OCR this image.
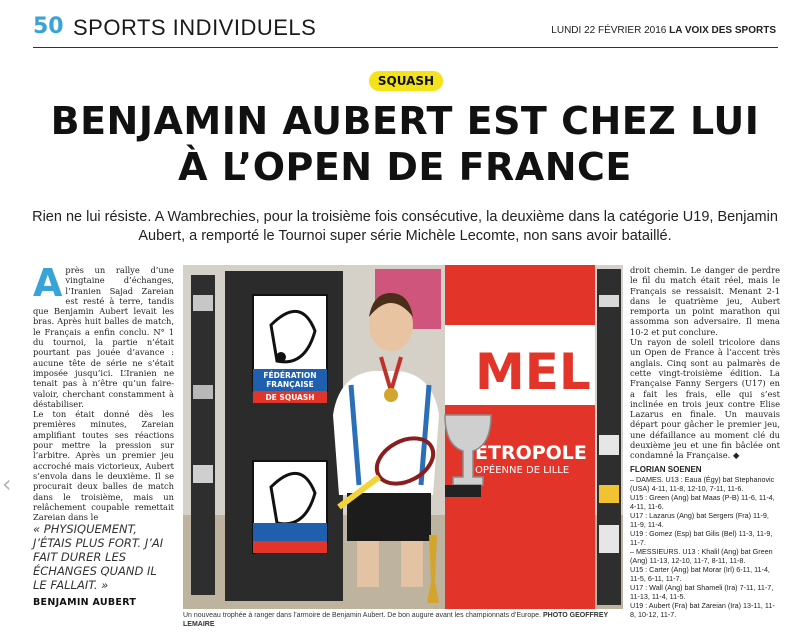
50 SPORTS INDIVIDUELS	LUNDI 22 FÉVRIER 2016 LA VOIX DES SPORTS
SQUASH
BENJAMIN AUBERT EST CHEZ LUI
À L’OPEN DE FRANCE

Rien ne lui résiste. A Wambrechies, pour la troisième fois consécutive, la deuxième dans la catégorie U19, Benjamin Aubert, a remporté le Tournoi super série Michèle Lecomte, non sans avoir bataillé.

A près un rallye d’une vingtaine d’échanges, l’Iranien Sajad Zareian est resté à terre, tandis que Benjamin Aubert levait les bras. Après huit balles de match, le Français a enfin conclu. N° 1 du tournoi, la partie n’était pourtant pas jouée d’avance : aucune tête de série ne s’était imposée jusqu’ici. L’Iranien ne tenait pas à n’être qu’un faire-valoir, cherchant constamment à déstabiliser.

Le ton était donné dès les premières minutes, Zareian amplifiant toutes ses réactions pour mettre la pression sur l’arbitre. Après un premier jeu accroché mais victorieux, Aubert s’envola dans le deuxième. Il se procurait deux balles de match dans le troisième, mais un relâchement coupable remettait Zareian dans le

« PHYSIQUEMENT, J’ÉTAIS PLUS FORT. J’AI FAIT DURER LES ÉCHANGES QUAND IL LE FALLAIT. »
BENJAMIN AUBERT
FÉDÉRATION
FRANÇAISE
DE SQUASH	MEL
ÉTROPOLE
OPÉENNE DE LILLE
Un nouveau trophée à ranger dans l’armoire de Benjamin Aubert. De bon augure avant les championnats d’Europe. PHOTO GEOFFREY LEMAIRE

droit chemin. Le danger de perdre le fil du match était réel, mais le Français se ressaisit. Menant 2-1 dans le quatrième jeu, Aubert remporta un point marathon qui assomma son adversaire. Il mena 10-2 et put conclure.

Un rayon de soleil tricolore dans un Open de France à l’accent très anglais. Cinq sont au palmarès de cette vingt-troisième édition. La Française Fanny Sergers (U17) en a fait les frais, elle qui s’est inclinée en trois jeux contre Elise Lazarus en finale. Un mauvais départ pour gâcher le premier jeu, une défaillance au moment clé du deuxième jeu et une fin bâclée ont condamné la Française. ◆

FLORIAN SOENEN

– DAMES. U13 : Eaua (Égy) bat Stephanovic (USA) 4-11, 11-8, 12-10, 7-11, 11-6.

U15 : Green (Ang) bat Maas (P-B) 11-6, 11-4, 4-11, 11-6.

U17 : Lazarus (Ang) bat Sergers (Fra) 11-9, 11-9, 11-4.

U19 : Gomez (Esp) bat Gilis (Bel) 11-3, 11-9, 11-7.

– MESSIEURS. U13 : Khalil (Ang) bat Green (Ang) 11-13, 12-10, 11-7, 8-11, 11-8.

U15 : Carter (Ang) bat Morar (Irl) 6-11, 11-4, 11-5, 6-11, 11-7.

U17 : Wall (Ang) bat Shameli (Ira) 7-11, 11-7, 11-13, 11-4, 11-5.

U19 : Aubert (Fra) bat Zareian (Ira) 13-11, 11-8, 10-12, 11-7.

‹
